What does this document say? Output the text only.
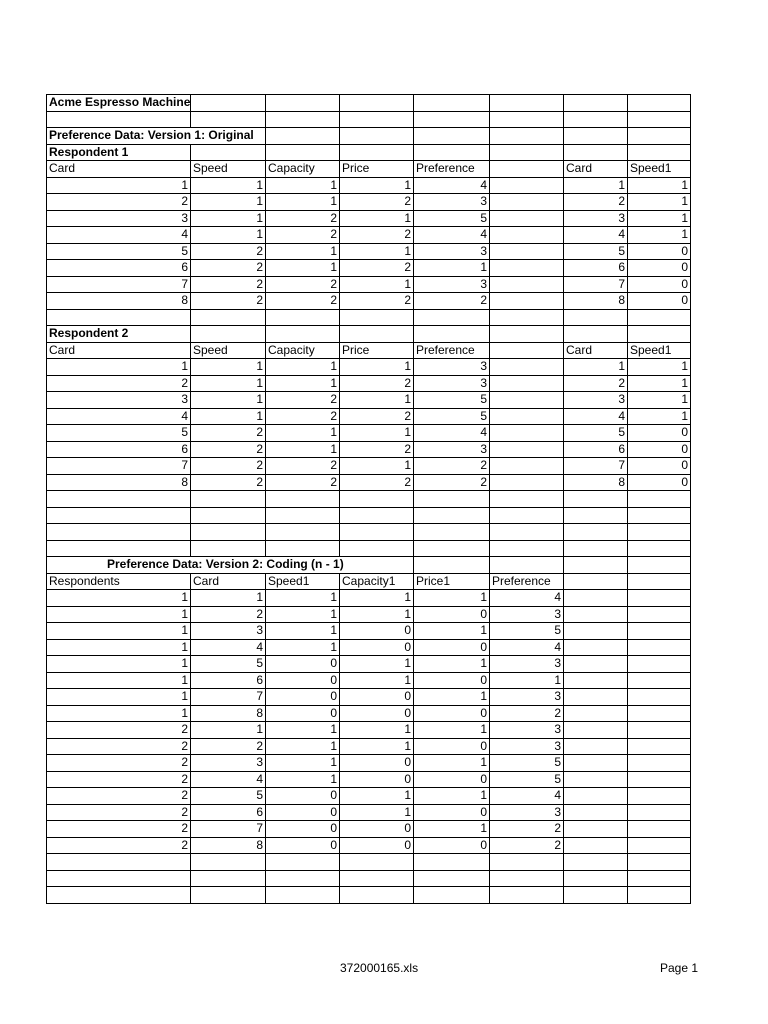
Acme Espresso Machine
Preference Data: Version 1: Original
Respondent 1
Card	Speed	Capacity	Price	Preference	Card	Speed1
1	1	1	1	4	1	1
2	1	1	2	3	2	1
3	1	2	1	5	3	1
4	1	2	2	4	4	1
5	2	1	1	3	5	0
6	2	1	2	1	6	0
7	2	2	1	3	7	0
8	2	2	2	2	8	0
Respondent 2
Card	Speed	Capacity	Price	Preference	Card	Speed1
1	1	1	1	3	1	1
2	1	1	2	3	2	1
3	1	2	1	5	3	1
4	1	2	2	5	4	1
5	2	1	1	4	5	0
6	2	1	2	3	6	0
7	2	2	1	2	7	0
8	2	2	2	2	8	0
Preference Data: Version 2: Coding (n - 1)
Respondents	Card	Speed1	Capacity1	Price1	Preference
1	1	1	1	1	4
1	2	1	1	0	3
1	3	1	0	1	5
1	4	1	0	0	4
1	5	0	1	1	3
1	6	0	1	0	1
1	7	0	0	1	3
1	8	0	0	0	2
2	1	1	1	1	3
2	2	1	1	0	3
2	3	1	0	1	5
2	4	1	0	0	5
2	5	0	1	1	4
2	6	0	1	0	3
2	7	0	0	1	2
2	8	0	0	0	2
372000165.xls	Page 1
